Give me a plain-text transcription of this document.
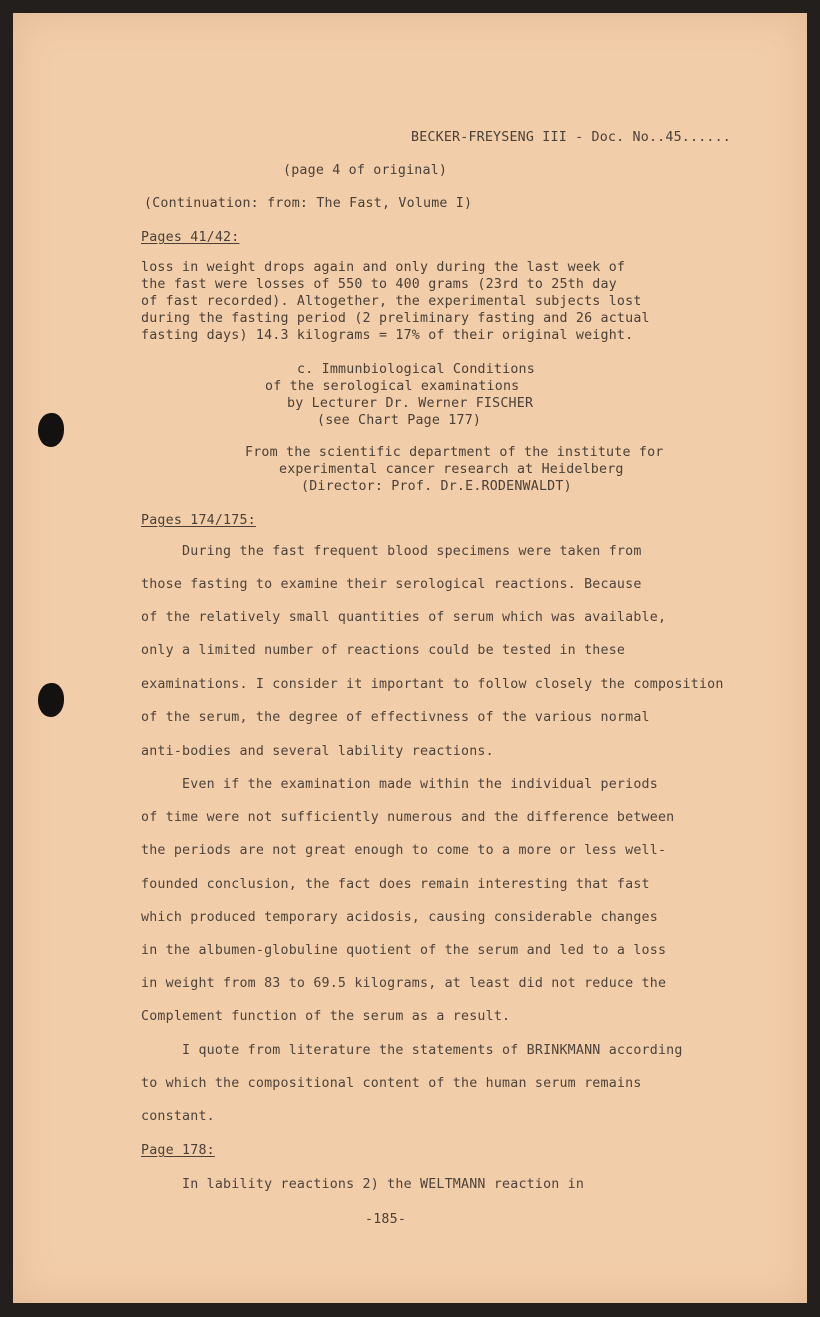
BECKER-FREYSENG III - Doc. No..45......
(page 4 of original)
(Continuation: from: The Fast, Volume I)
Pages 41/42:
loss in weight drops again and only during the last week of
the fast were losses of 550 to 400 grams (23rd to 25th day
of fast recorded). Altogether, the experimental subjects lost
during the fasting period (2 preliminary fasting and 26 actual
fasting days) 14.3 kilograms = 17% of their original weight.
c. Immunbiological Conditions
of the serological examinations
by Lecturer Dr. Werner FISCHER
(see Chart Page 177)
From the scientific department of the institute for
experimental cancer research at Heidelberg
(Director: Prof. Dr.E.RODENWALDT)
Pages 174/175:
During the fast frequent blood specimens were taken from
those fasting to examine their serological reactions. Because
of the relatively small quantities of serum which was available,
only a limited number of reactions could be tested in these
examinations. I consider it important to follow closely the composition
of the serum, the degree of effectivness of the various normal
anti-bodies and several lability reactions.
Even if the examination made within the individual periods
of time were not sufficiently numerous and the difference between
the periods are not great enough to come to a more or less well-
founded conclusion, the fact does remain interesting that fast
which produced temporary acidosis, causing considerable changes
in the albumen-globuline quotient of the serum and led to a loss
in weight from 83 to 69.5 kilograms, at least did not reduce the
Complement function of the serum as a result.
I quote from literature the statements of BRINKMANN according
to which the compositional content of the human serum remains
constant.
Page 178:
In lability reactions 2) the WELTMANN reaction in
-185-
